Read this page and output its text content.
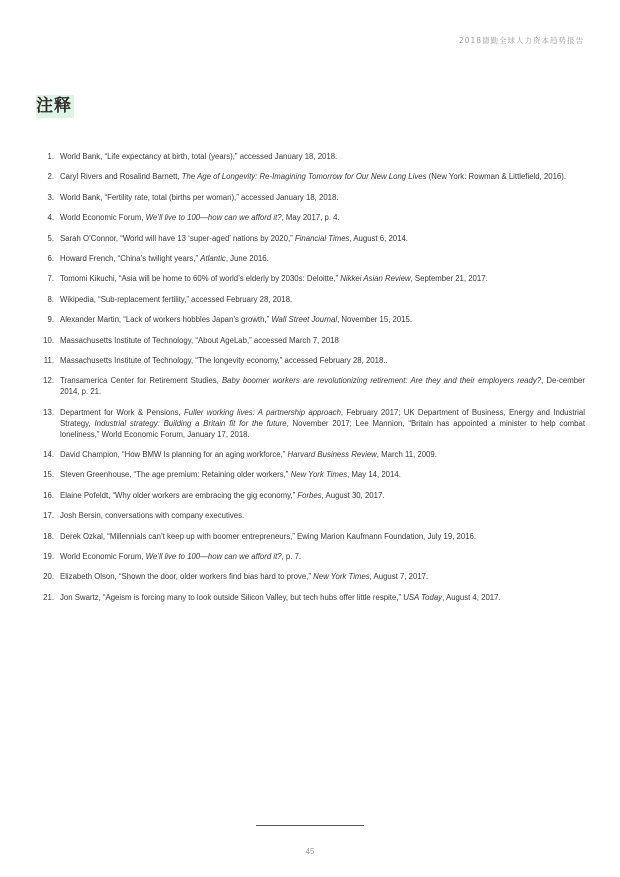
2018德勤全球人力资本趋势报告
注释
1. World Bank, “Life expectancy at birth, total (years),” accessed January 18, 2018.
2. Caryl Rivers and Rosalind Barnett, The Age of Longevity: Re-Imagining Tomorrow for Our New Long Lives (New York: Rowman & Littlefield, 2016).
3. World Bank, “Fertility rate, total (births per woman),” accessed January 18, 2018.
4. World Economic Forum, We’ll live to 100—how can we afford it?, May 2017, p. 4.
5. Sarah O’Connor, “World will have 13 ‘super-aged’ nations by 2020,” Financial Times, August 6, 2014.
6. Howard French, “China’s twilight years,” Atlantic, June 2016.
7. Tomomi Kikuchi, “Asia will be home to 60% of world’s elderly by 2030s: Deloitte,” Nikkei Asian Review, September 21, 2017.
8. Wikipedia, “Sub-replacement fertility,” accessed February 28, 2018.
9. Alexander Martin, “Lack of workers hobbles Japan’s growth,” Wall Street Journal, November 15, 2015.
10. Massachusetts Institute of Technology, “About AgeLab,” accessed March 7, 2018
11. Massachusetts Institute of Technology, “The longevity economy,” accessed February 28, 2018..
12. Transamerica Center for Retirement Studies, Baby boomer workers are revolutionizing retirement: Are they and their employers ready?, De-cember 2014, p. 21.
13. Department for Work & Pensions, Fuller working lives: A partnership approach, February 2017; UK Department of Business, Energy and Industrial Strategy, Industrial strategy: Building a Britain fit for the future, November 2017; Lee Mannion, “Britain has appointed a minister to help combat loneliness,” World Economic Forum, January 17, 2018.
14. David Champion, “How BMW Is planning for an aging workforce,” Harvard Business Review, March 11, 2009.
15. Steven Greenhouse, “The age premium: Retaining older workers,” New York Times, May 14, 2014.
16. Elaine Pofeldt, “Why older workers are embracing the gig economy,” Forbes, August 30, 2017.
17. Josh Bersin, conversations with company executives.
18. Derek Ozkal, “Millennials can’t keep up with boomer entrepreneurs,” Ewing Marion Kaufmann Foundation, July 19, 2016.
19. World Economic Forum, We’ll live to 100—how can we afford it?, p. 7.
20. Elizabeth Olson, “Shown the door, older workers find bias hard to prove,” New York Times, August 7, 2017.
21. Jon Swartz, “Ageism is forcing many to look outside Silicon Valley, but tech hubs offer little respite,” USA Today, August 4, 2017.
45
